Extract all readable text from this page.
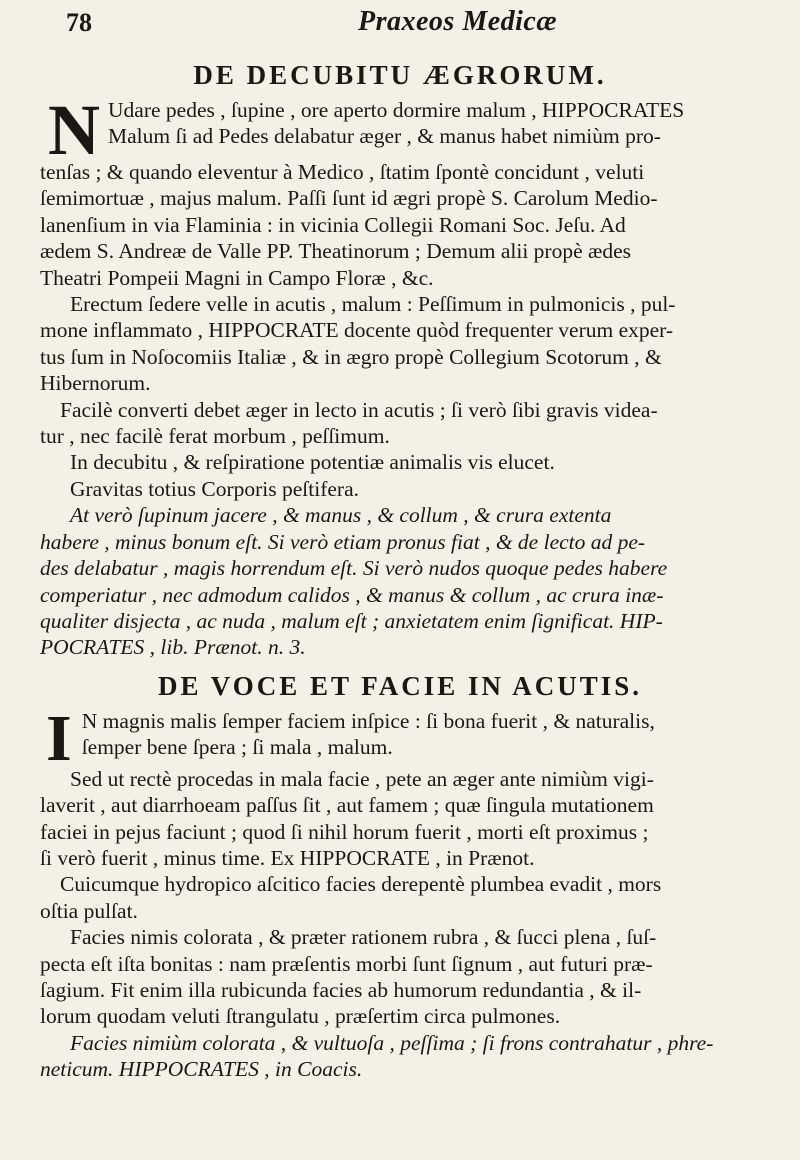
78	Praxeos Medicæ
DE DECUBITU ÆGRORUM.
N Udare pedes , ſupine , ore aperto dormire malum , HIPPOCRATES
Malum ſi ad Pedes delabatur æger , & manus habet nimiùm pro-

tenſas ; & quando eleventur à Medico , ſtatim ſpontè concidunt , veluti
ſemimortuæ , majus malum. Paſſi ſunt id ægri propè S. Carolum Medio-
lanenſium in via Flaminia : in vicinia Collegii Romani Soc. Jeſu. Ad
ædem S. Andreæ de Valle PP. Theatinorum ; Demum alii propè ædes
Theatri Pompeii Magni in Campo Floræ , &c.

Erectum ſedere velle in acutis , malum : Peſſimum in pulmonicis , pul-
mone inflammato , HIPPOCRATE docente quòd frequenter verum exper-
tus ſum in Noſocomiis Italiæ , & in ægro propè Collegium Scotorum , &
Hibernorum.

Facilè converti debet æger in lecto in acutis ; ſi verò ſibi gravis videa-
tur , nec facilè ferat morbum , peſſimum.

In decubitu , & reſpiratione potentiæ animalis vis elucet.

Gravitas totius Corporis peſtifera.

At verò ſupinum jacere , & manus , & collum , & crura extenta
habere , minus bonum eſt. Si verò etiam pronus fiat , & de lecto ad pe-
des delabatur , magis horrendum eſt. Si verò nudos quoque pedes habere
comperiatur , nec admodum calidos , & manus & collum , ac crura inæ-
qualiter disjecta , ac nuda , malum eſt ; anxietatem enim ſignificat. HIP-
POCRATES , lib. Prænot. n. 3.

DE VOCE ET FACIE IN ACUTIS.
I N magnis malis ſemper faciem inſpice : ſi bona fuerit , & naturalis,
ſemper bene ſpera ; ſi mala , malum.

Sed ut rectè procedas in mala facie , pete an æger ante nimiùm vigi-
laverit , aut diarrhoeam paſſus ſit , aut famem ; quæ ſingula mutationem
faciei in pejus faciunt ; quod ſi nihil horum fuerit , morti eſt proximus ;
ſi verò fuerit , minus time. Ex HIPPOCRATE , in Prænot.

Cuicumque hydropico aſcitico facies derepentè plumbea evadit , mors
oſtia pulſat.

Facies nimis colorata , & præter rationem rubra , & ſucci plena , ſuſ-
pecta eſt iſta bonitas : nam præſentis morbi ſunt ſignum , aut futuri præ-
ſagium. Fit enim illa rubicunda facies ab humorum redundantia , & il-
lorum quodam veluti ſtrangulatu , præſertim circa pulmones.

Facies nimiùm colorata , & vultuoſa , peſſima ; ſi frons contrahatur , phre-
neticum. HIPPOCRATES , in Coacis.
